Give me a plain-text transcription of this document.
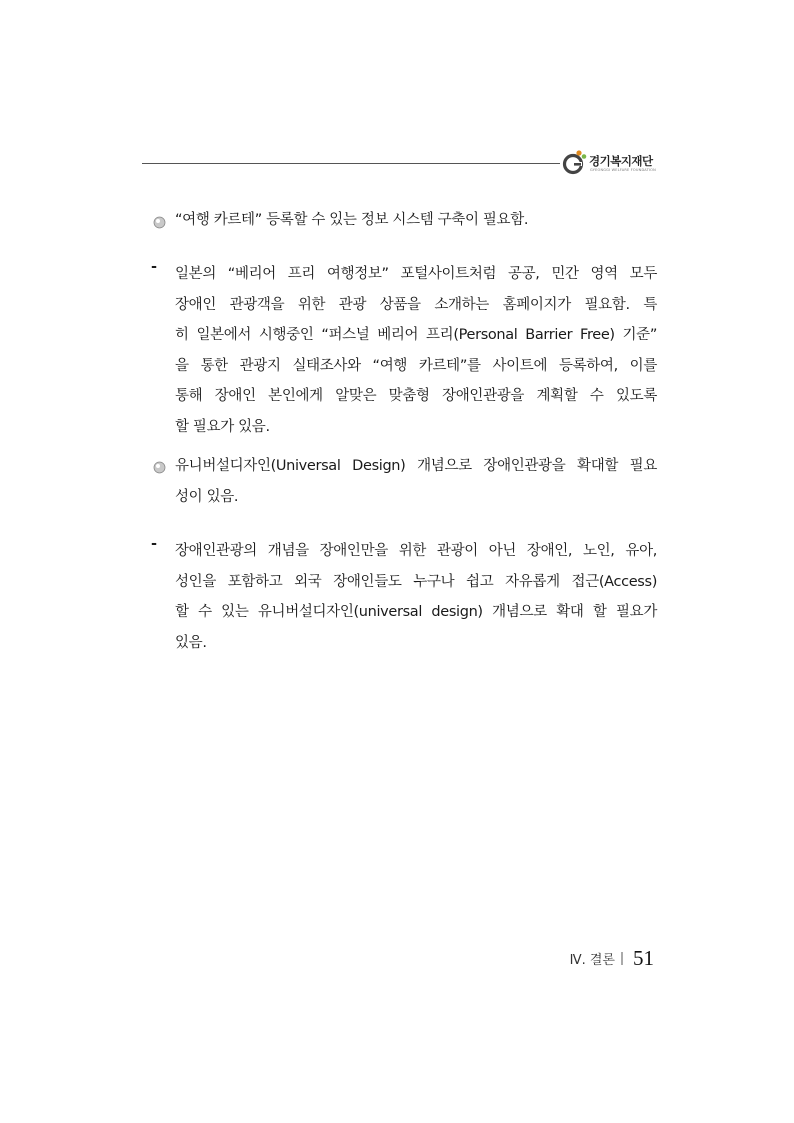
경기복지재단
GYEONGGI WELFARE FOUNDATION
“여행 카르테” 등록할 수 있는 정보 시스템 구축이 필요함.
-	일본의 “베리어 프리 여행정보” 포털사이트처럼 공공, 민간 영역 모두
장애인 관광객을 위한 관광 상품을 소개하는 홈페이지가 필요함. 특
히 일본에서 시행중인 “퍼스널 베리어 프리(Personal Barrier Free) 기준”
을 통한 관광지 실태조사와 “여행 카르테”를 사이트에 등록하여, 이를
통해 장애인 본인에게 알맞은 맞춤형 장애인관광을 계획할 수 있도록
할 필요가 있음.
유니버설디자인(Universal Design) 개념으로 장애인관광을 확대할 필요
성이 있음.
-	장애인관광의 개념을 장애인만을 위한 관광이 아닌 장애인, 노인, 유아,
성인을 포함하고 외국 장애인들도 누구나 쉽고 자유롭게 접근(Access)
할 수 있는 유니버설디자인(universal design) 개념으로 확대 할 필요가
있음.
Ⅳ. 결론 51
